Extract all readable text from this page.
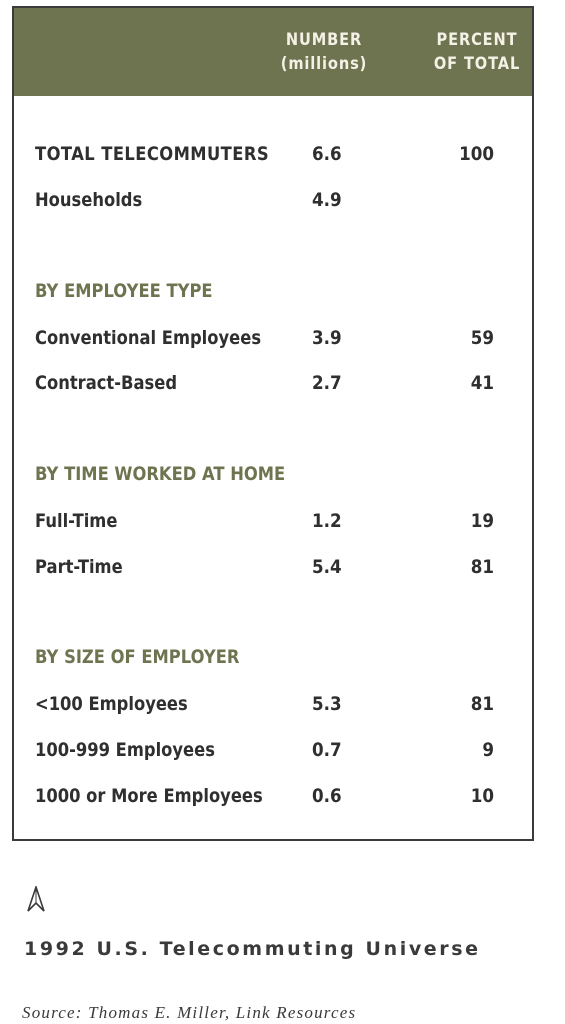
NUMBER
(millions)
PERCENT
OF TOTAL
TOTAL TELECOMMUTERS 6.6	100
Households	4.9
BY EMPLOYEE TYPE
Conventional Employees	3.9	59
Contract-Based	2.7	41
BY TIME WORKED AT HOME
Full-Time	1.2	19
Part-Time	5.4	81
BY SIZE OF EMPLOYER
<100 Employees	5.3	81
100-999 Employees	0.7	9
1000 or More Employees	0.6	10
1992 U.S. Telecommuting Universe
Source: Thomas E. Miller, Link Resources
